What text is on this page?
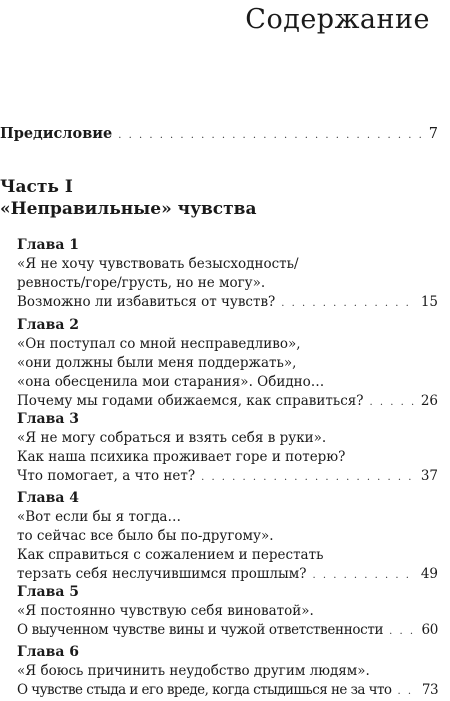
Содержание
Предисловие . . .	7
Часть I
«Неправильные» чувства
Глава 1
«Я не хочу чувствовать безысходность/
ревность/горе/грусть, но не могу».
Возможно ли избавиться от чувств? . . .	15
Глава 2
«Он поступал со мной несправедливо»,
«они должны были меня поддержать»,
«она обесценила мои старания». Обидно…
Почему мы годами обижаемся, как справиться? . . .	26
Глава 3
«Я не могу собраться и взять себя в руки».
Как наша психика проживает горе и потерю?
Что помогает, а что нет? . . .	37
Глава 4
«Вот если бы я тогда…
то сейчас все было бы по-другому».
Как справиться с сожалением и перестать
терзать себя неслучившимся прошлым? . . .	49
Глава 5
«Я постоянно чувствую себя виноватой».
О выученном чувстве вины и чужой ответственности . . .	60
Глава 6
«Я боюсь причинить неудобство другим людям».
О чувстве стыда и его вреде, когда стыдишься не за что . . . 73
